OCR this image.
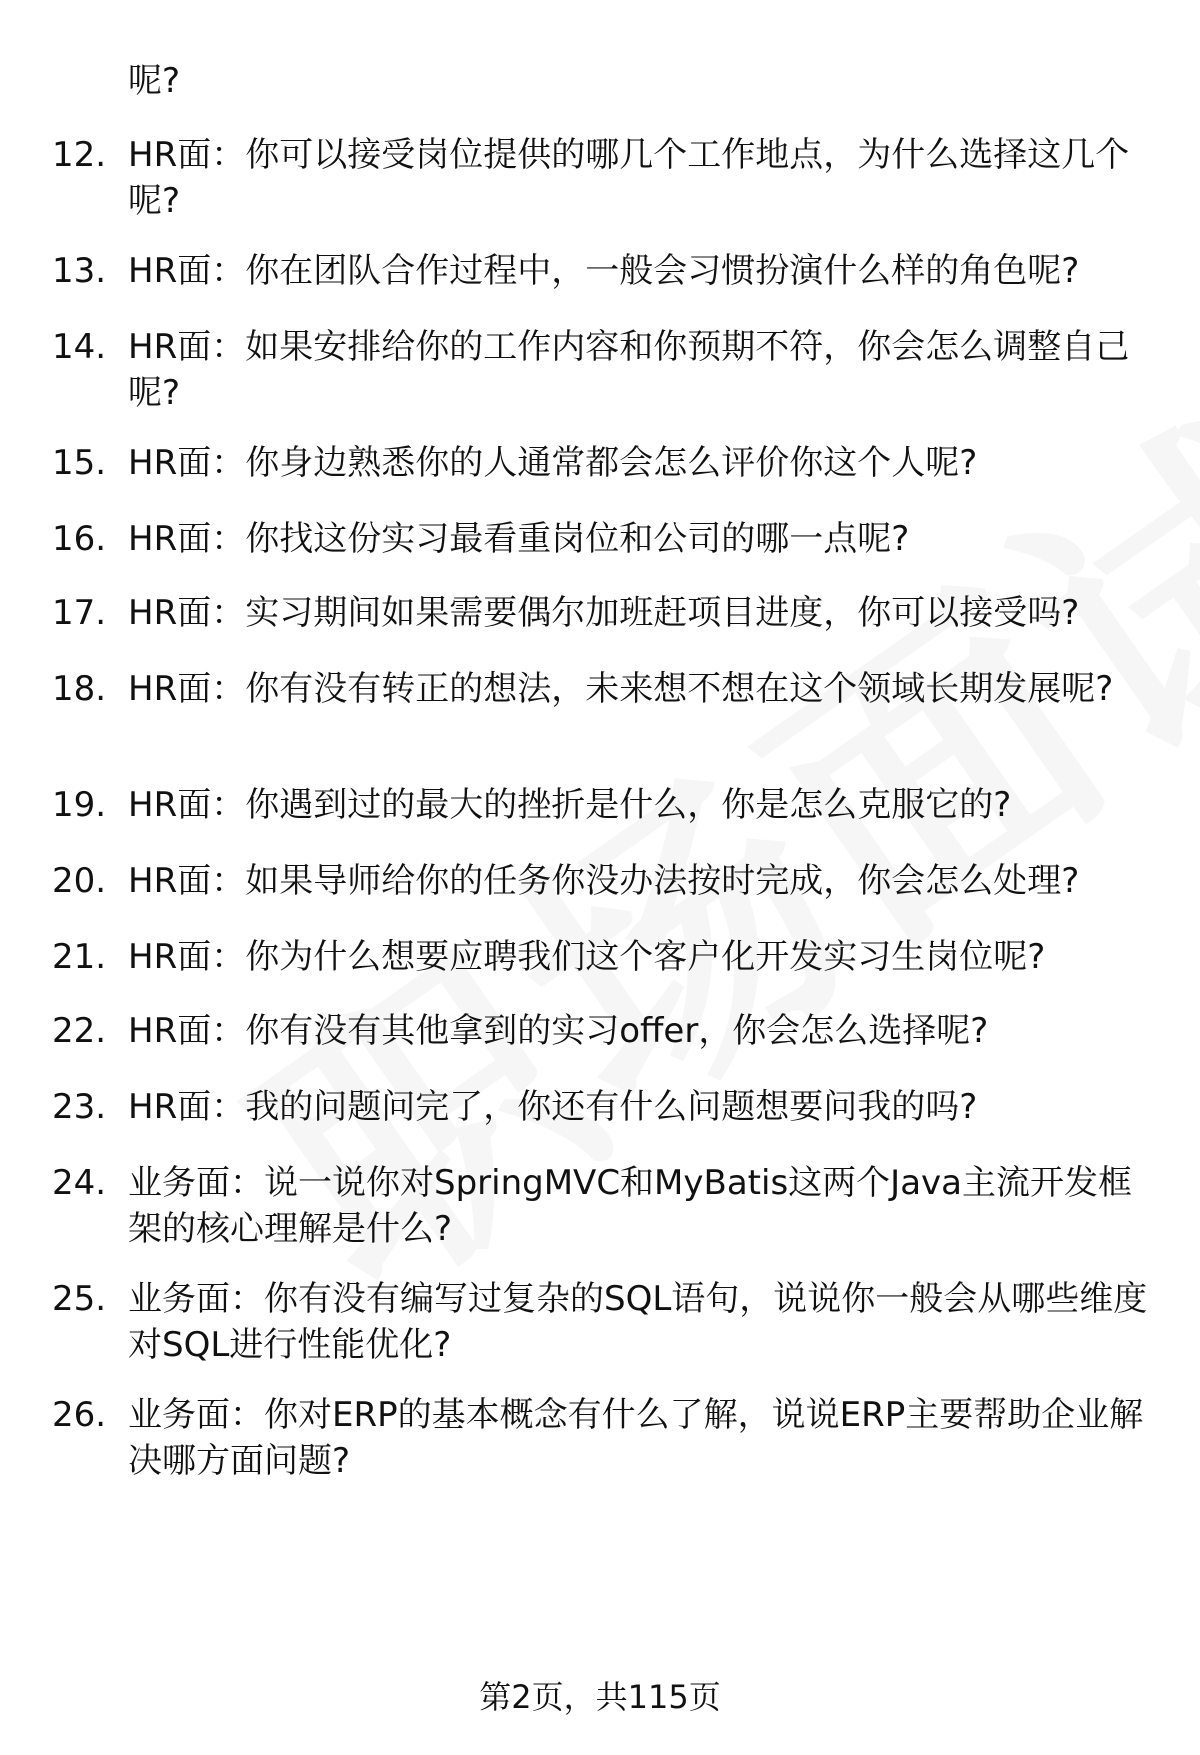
呢?
12. HR面：你可以接受岗位提供的哪几个工作地点，为什么选择这几个呢?
13. HR面：你在团队合作过程中，一般会习惯扮演什么样的角色呢?
14. HR面：如果安排给你的工作内容和你预期不符，你会怎么调整自己呢?
15. HR面：你身边熟悉你的人通常都会怎么评价你这个人呢?
16. HR面：你找这份实习最看重岗位和公司的哪一点呢?
17. HR面：实习期间如果需要偶尔加班赶项目进度，你可以接受吗?
18. HR面：你有没有转正的想法，未来想不想在这个领域长期发展呢?
19. HR面：你遇到过的最大的挫折是什么，你是怎么克服它的?
20. HR面：如果导师给你的任务你没办法按时完成，你会怎么处理?
21. HR面：你为什么想要应聘我们这个客户化开发实习生岗位呢?
22. HR面：你有没有其他拿到的实习offer，你会怎么选择呢?
23. HR面：我的问题问完了，你还有什么问题想要问我的吗?
24. 业务面：说一说你对SpringMVC和MyBatis这两个Java主流开发框架的核心理解是什么?
25. 业务面：你有没有编写过复杂的SQL语句，说说你一般会从哪些维度对SQL进行性能优化?
26. 业务面：你对ERP的基本概念有什么了解，说说ERP主要帮助企业解决哪方面问题?
第2页，共115页
